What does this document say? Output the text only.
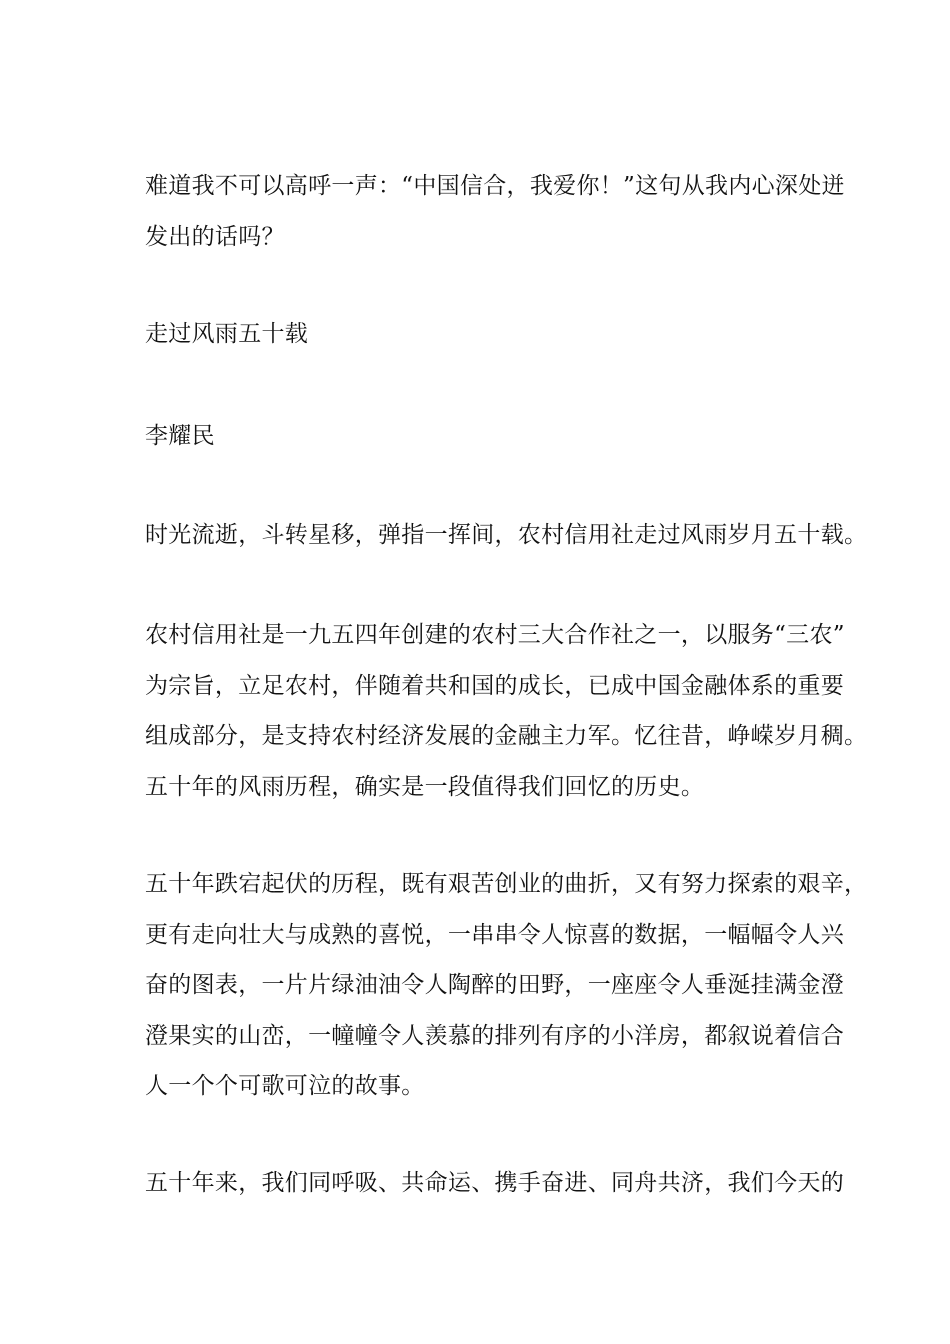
难道我不可以高呼一声：“中国信合，我爱你！”这句从我内心深处迸
发出的话吗？
走过风雨五十载
李耀民
时光流逝，斗转星移，弹指一挥间，农村信用社走过风雨岁月五十载。
农村信用社是一九五四年创建的农村三大合作社之一，以服务“三农”
为宗旨，立足农村，伴随着共和国的成长，已成中国金融体系的重要
组成部分，是支持农村经济发展的金融主力军。忆往昔，峥嵘岁月稠。
五十年的风雨历程，确实是一段值得我们回忆的历史。
五十年跌宕起伏的历程，既有艰苦创业的曲折，又有努力探索的艰辛，
更有走向壮大与成熟的喜悦，一串串令人惊喜的数据，一幅幅令人兴
奋的图表，一片片绿油油令人陶醉的田野，一座座令人垂涎挂满金澄
澄果实的山峦，一幢幢令人羡慕的排列有序的小洋房，都叙说着信合
人一个个可歌可泣的故事。
五十年来，我们同呼吸、共命运、携手奋进、同舟共济，我们今天的
